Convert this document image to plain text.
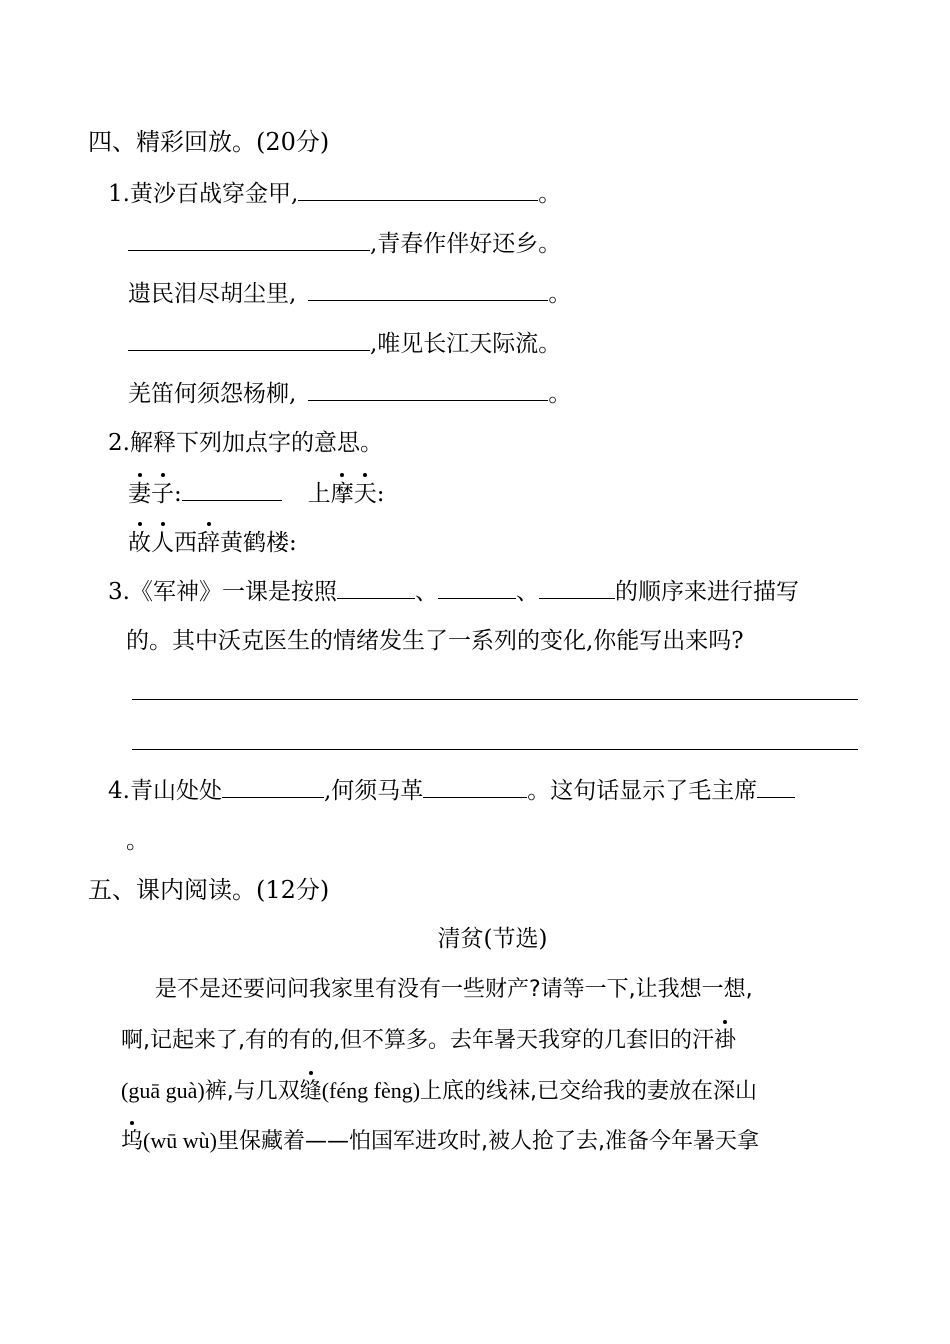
四、精彩回放。(20分)
1.黄沙百战穿金甲,	。
,青春作伴好还乡。
遗民泪尽胡尘里,	。
,唯见长江天际流。
羌笛何须怨杨柳,	。
2.解释下列加点字的意思。
妻子:	上摩天:
故人西辞黄鹤楼:
3.《军神》一课是按照	、	、	的顺序来进行描写
的。其中沃克医生的情绪发生了一系列的变化,你能写出来吗?
4.青山处处	,何须马革	。这句话显示了毛主席
。
五、课内阅读。(12分)
清贫(节选)
是不是还要问问我家里有没有一些财产?请等一下,让我想一想,
啊,记起来了,有的有的,但不算多。去年暑天我穿的几套旧的汗褂
(guā guà)裤,与几双缝(féng fèng)上底的线袜,已交给我的妻放在深山
坞(wū wù)里保藏着——怕国军进攻时,被人抢了去,准备今年暑天拿
